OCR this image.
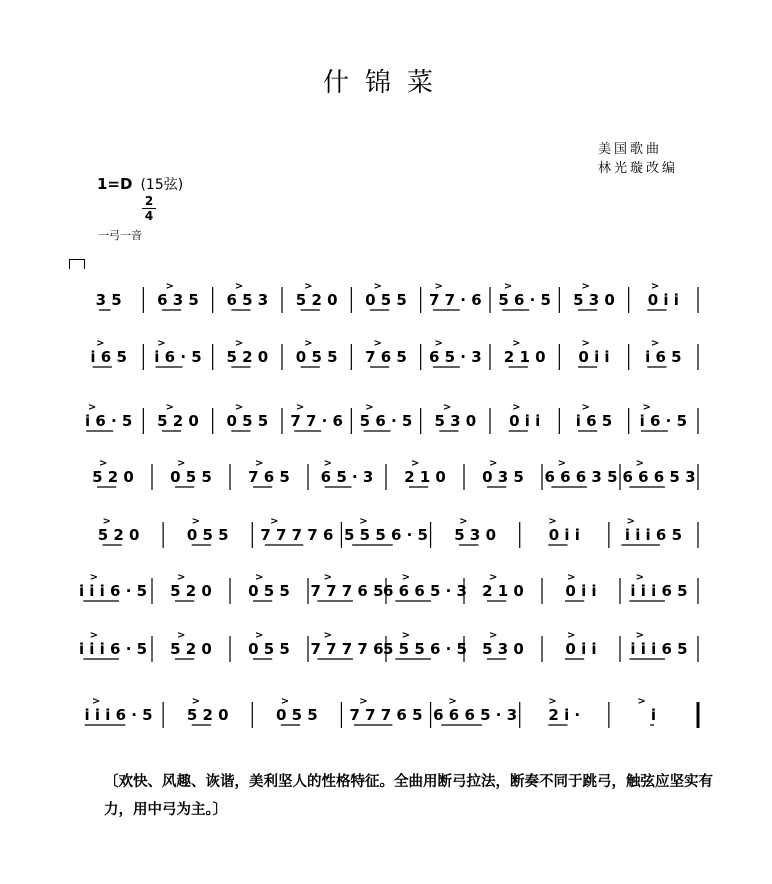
什锦菜
美国歌曲
林光璇改编
1=D (15弦)
2
4
一弓一音
3 5 6 3 5
>
6 5 3
>
5 2 0
>
0 5 5
>
7 7 · 6
>
5 6 · 5
>
5 3 0
>
0 i i
>
i 6 5
>
i 6 · 5
>
5 2 0
>
0 5 5
>
7 6 5
>
6 5 · 3
>
2 1 0
>
0 i i
>
i 6 5
>
i 6 · 5
>
5 2 0
>
0 5 5
>
7 7 · 6
>
5 6 · 5
>
5 3 0
>
0 i i
>
i 6 5
>
i 6 · 5
>
5 2 0
>
0 5 5
>
7 6 5
>
6 5 · 3
>
2 1 0
>
0 3 5
>
6 6 6 3 5
>
6 6 6 5 3
>
5 2 0
>
0 5 5
>
7 7 7 7 6
>
5 5 5 6 · 5
>
5 3 0
>
0 i i
>
i i i 6 5
>
i i i 6 · 5
>
5 2 0
>
0 5 5
>
7 7 7 6 5
>
6 6 6 5 · 3
>
2 1 0
>
0 i i
>
i i i 6 5
>
i i i 6 · 5
>
5 2 0
>
0 5 5
>
7 7 7 7 6
>
5 5 5 6 · 5
>
5 3 0
>
0 i i
>
i i i 6 5
>
i i i 6 · 5
>
5 2 0
>
0 5 5
>
7 7 7 6 5
>
6 6 6 5 · 3
>
2 i ·
>
i
>
〔欢快、风趣、诙谐，美利坚人的性格特征。全曲用断弓拉法，断奏不同于跳弓，触弦应坚实有力，用中弓为主。〕
